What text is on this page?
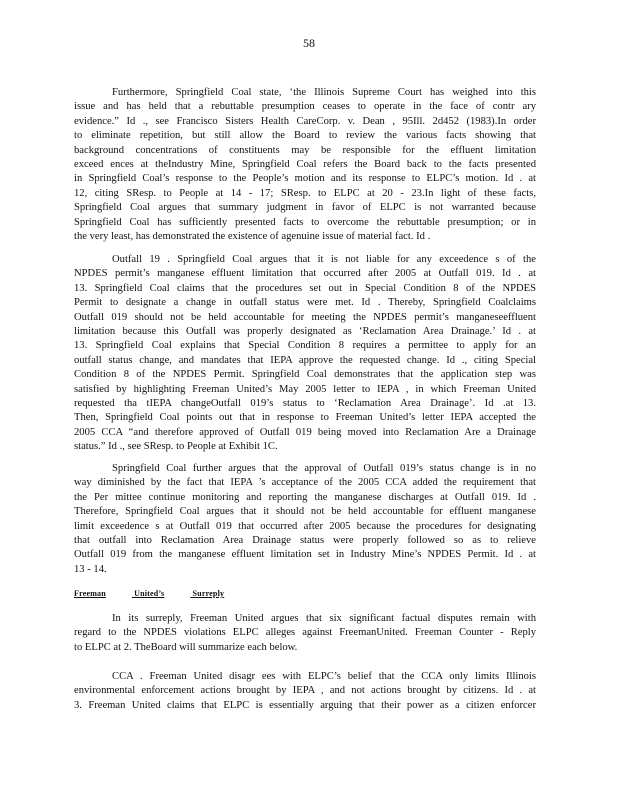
58
Furthermore, Springfield Coal state, ‘the Illinois Supreme Court has weighed into this
issue and has held that a rebuttable presumption ceases to operate in the face of contr ary
evidence.” Id ., see Francisco Sisters Health CareCorp. v. Dean , 95Ill. 2d452 (1983).In order
to eliminate repetition, but still allow the Board to review the various facts showing that
background concentrations of constituents may be responsible for the effluent limitation
exceed ences at theIndustry Mine, Springfield Coal refers the Board back to the facts presented
in Springfield Coal’s response to the People’s motion and its response to ELPC’s motion. Id . at
12, citing SResp. to People at 14 - 17; SResp. to ELPC at 20 - 23.In light of these facts,
Springfield Coal argues that summary judgment in favor of ELPC is not warranted because
Springfield Coal has sufficiently presented facts to overcome the rebuttable presumption; or in
the very least, has demonstrated the existence of agenuine issue of material fact. Id .
Outfall 19 . Springfield Coal argues that it is not liable for any exceedence s of the
NPDES permit’s manganese effluent limitation that occurred after 2005 at Outfall 019. Id . at
13. Springfield Coal claims that the procedures set out in Special Condition 8 of the NPDES
Permit to designate a change in outfall status were met. Id . Thereby, Springfield Coalclaims
Outfall 019 should not be held accountable for meeting the NPDES permit’s manganeseeffluent
limitation because this Outfall was properly designated as ‘Reclamation Area Drainage.’ Id . at
13. Springfield Coal explains that Special Condition 8 requires a permittee to apply for an
outfall status change, and mandates that IEPA approve the requested change. Id ., citing Special
Condition 8 of the NPDES Permit. Springfield Coal demonstrates that the application step was
satisfied by highlighting Freeman United’s May 2005 letter to IEPA , in which Freeman United
requested tha tIEPA changeOutfall 019’s status to ‘Reclamation Area Drainage’. Id .at 13.
Then, Springfield Coal points out that in response to Freeman United’s letter IEPA accepted the
2005 CCA “and therefore approved of Outfall 019 being moved into Reclamation Are a Drainage
status.” Id ., see SResp. to People at Exhibit 1C.
Springfield Coal further argues that the approval of Outfall 019’s status change is in no
way diminished by the fact that IEPA ’s acceptance of the 2005 CCA added the requirement that
the Per mittee continue monitoring and reporting the manganese discharges at Outfall 019. Id .
Therefore, Springfield Coal argues that it should not be held accountable for effluent manganese
limit exceedence s at Outfall 019 that occurred after 2005 because the procedures for designating
that outfall into Reclamation Area Drainage status were properly followed so as to relieve
Outfall 019 from the manganese effluent limitation set in Industry Mine’s NPDES Permit. Id . at
13 - 14.
Freeman	United’s	Surreply
In its surreply, Freeman United argues that six significant factual disputes remain with
regard to the NPDES violations ELPC alleges against FreemanUnited. Freeman Counter - Reply
to ELPC at 2. TheBoard will summarize each below.
CCA . Freeman United disagr ees with ELPC’s belief that the CCA only limits Illinois
environmental enforcement actions brought by IEPA , and not actions brought by citizens. Id . at
3. Freeman United claims that ELPC is essentially arguing that their power as a citizen enforcer
